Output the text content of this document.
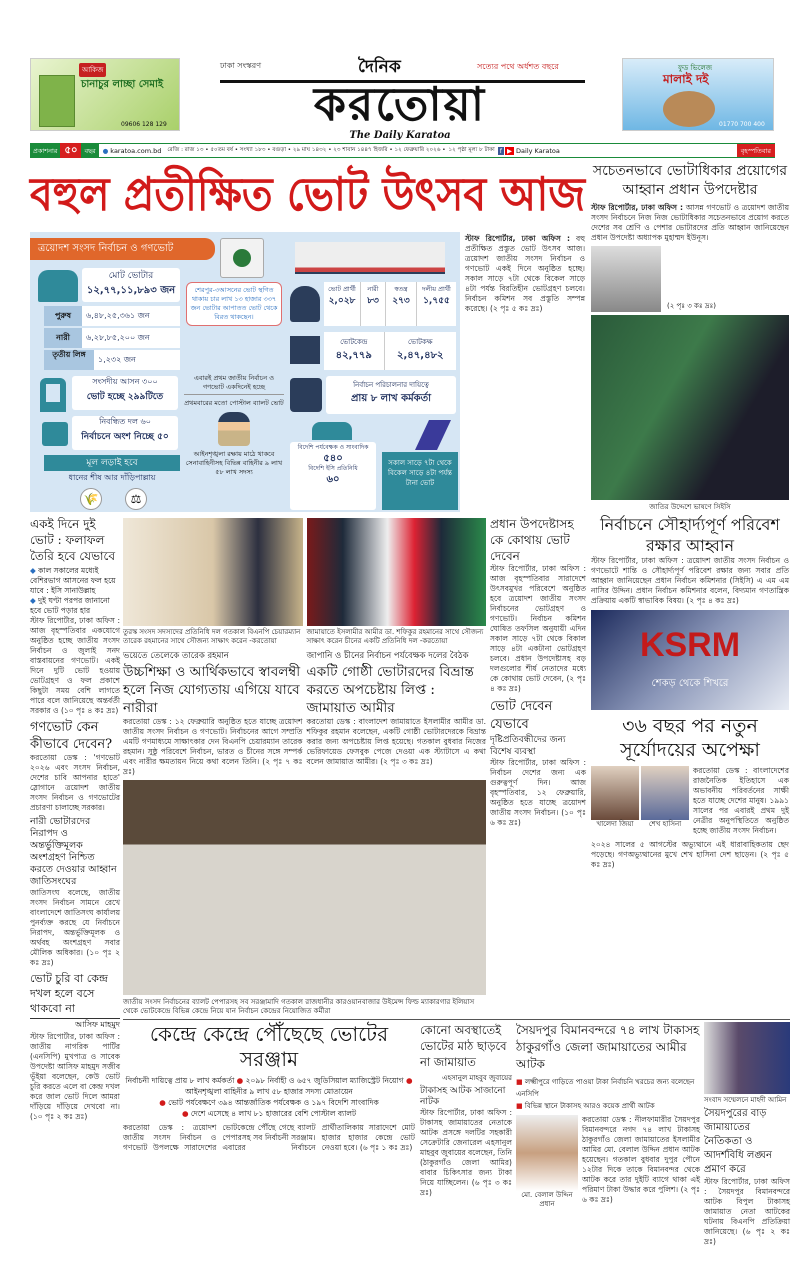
আকিজ
চানাচুর লাচ্ছা সেমাই
09606 128 129
ঢাকা সংস্করণ	দৈনিক	সত্যের পথে অর্ধশত বছরে
করতোয়া
The Daily Karatoa
ফুড ভিলেজ
মালাই দই
01770 700 400
প্রকাশনার ৫০	বছর	● karatoa.com.bd রেজি : রাজ ১৩ • ৫০তম বর্ষ • সংখ্যা ১৮৩ • বগুড়া • ২৯ মাঘ ১৪৩২ • ২৩ শাবান ১৪৪৭ হিজরি • ১২ ফেব্রুয়ারি ২০২৬ • ১২ পৃষ্ঠা মূল্য ৮ টাকা f ▶ Daily Karatoa	বৃহস্পতিবার
বহুল প্রতীক্ষিত ভোট উৎসব আজ
ত্রয়োদশ সংসদ নির্বাচন ও গণভোট
মোট ভোটার
১২,৭৭,১১,৮৯৩ জন
পুরুষ	৬,৪৮,২৫,৩৬১ জন
নারী	৬,২৮,৮৫,২০০ জন
তৃতীয় লিঙ্গ
১,২৩২ জন
সংসদীয় আসন ৩০০
ভোট হচ্ছে ২৯৯টিতে
নিবন্ধিত দল ৬০
নির্বাচনে অংশ নিচ্ছে ৫০
মূল লড়াই হবে
ধানের শীষ আর দাঁড়িপাল্লায়
🌾	⚖
শেরপুর-৩আসনের ভোট স্থগিত থাকায় চার লাখ ১৩ হাজার ৩৩৭ জন ভোটার আপাতত ভোট থেকে বিরত থাকছেন।
এবারই প্রথম জাতীয় নির্বাচন ও গণভোট একদিনেই হচ্ছে
প্রথমবারের মতো পোস্টাল ব্যালট ভোট
আইনশৃঙ্খলা রক্ষায় মাঠে থাকবে সেনাবাহিনীসহ বিভিন্ন বাহিনীর ৯ লাখ ৫৮ লাখ সদস্য
ভোট প্রার্থী
২,০২৮
নারী
৮৩
স্বতন্ত্র
২৭৩
দলীয় প্রার্থী
১,৭৫৫
ভোটকেন্দ্র
৪২,৭৭৯
ভোটকক্ষ
২,৪৭,৪৮২
নির্বাচন পরিচালনার দায়িত্বে
প্রায় ৮ লাখ কর্মকর্তা
বিদেশি পর্যবেক্ষক ও সাংবাদিক
৫৪০
বিদেশি ইসি প্রতিনিধি
৬০
সকাল সাড়ে ৭টা থেকে বিকেল সাড়ে ৪টা পর্যন্ত টানা ভোট
স্টাফ রিপোর্টার, ঢাকা অফিস : বহু প্রতীক্ষিত প্রস্তুত ভোট উৎসব আজ। ত্রয়োদশ জাতীয় সংসদ নির্বাচন ও গণভোট একই দিনে অনুষ্ঠিত হচ্ছে। সকাল সাড়ে ৭টা থেকে বিকেল সাড়ে ৪টা পর্যন্ত বিরতিহীন ভোটগ্রহণ চলবে। নির্বাচন কমিশন সব প্রস্তুতি সম্পন্ন করেছে। (২ পৃঃ ৫ কঃ দ্রঃ)
সচেতনভাবে ভোটাধিকার প্রয়োগের আহ্বান প্রধান উপদেষ্টার
স্টাফ রিপোর্টার, ঢাকা অফিস : আসন্ন গণভোট ও ত্রয়োদশ জাতীয় সংসদ নির্বাচনে নিজ নিজ ভোটাধিকার সচেতনভাবে প্রয়োগ করতে দেশের সব শ্রেণি ও পেশার ভোটারদের প্রতি আহ্বান জানিয়েছেন প্রধান উপদেষ্টা অধ্যাপক মুহাম্মদ ইউনূস।
(২ পৃঃ ৩ কঃ দ্রঃ)
জাতির উদ্দেশে ভাষণে সিইসি
একই দিনে দুই ভোট : ফলাফল তৈরি হবে যেভাবে
◆ কাল সকালের মধ্যেই বেশিরভাগ আসনের ফল হয়ে যাবে : ইসি সানাউল্লাহ
◆ দুই ঘণ্টা পরপর জানানো হবে ভোট পড়ার হার
স্টাফ রিপোর্টার, ঢাকা অফিস : আজ বৃহস্পতিবার একযোগে অনুষ্ঠিত হচ্ছে জাতীয় সংসদ নির্বাচন ও জুলাই সনদ বাস্তবায়নের গণভোট। একই দিনে দুটি ভোট হওয়ায় ভোটগ্রহণ ও ফল প্রকাশে কিছুটা সময় বেশি লাগতে পারে বলে জানিয়েছে অন্তর্বর্তী সরকার ও (১০ পৃঃ ৪ কঃ দ্রঃ)
গণভোট কেন কীভাবে দেবেন?
করতোয়া ডেস্ক : 'গণভোট ২০২৬ এবং সংসদ নির্বাচন, দেশের চাবি আপনার হাতে' স্লোগানে ত্রয়োদশ জাতীয় সংসদ নির্বাচন ও গণভোটের প্রচারণা চালাচ্ছে সরকার।
নারী ভোটারদের নিরাপদ ও অন্তর্ভুক্তিমূলক অংশগ্রহণ নিশ্চিত করতে দেওয়ার আহ্বান জাতিসংঘের
জাতিসংঘ বলেছে, জাতীয় সংসদ নির্বাচন সামনে রেখে বাংলাদেশে জাতিসংঘ কার্যালয় পুনর্ব্যক্ত করছে যে নির্বাচনে নিরাপদ, অন্তর্ভুক্তিমূলক ও অর্থবহ অংশগ্রহণ সবার মৌলিক অধিকার। (১০ পৃঃ ২ কঃ দ্রঃ)
ভোট চুরি বা কেন্দ্র দখল হলে বসে থাকবো না
আসিফ মাহমুদ
স্টাফ রিপোর্টার, ঢাকা অফিস : জাতীয় নাগরিক পার্টির (এনসিপি) মুখপাত্র ও সাবেক উপদেষ্টা আসিফ মাহমুদ সজীব ভূঁইয়া বলেছেন, কেউ ভোট চুরি করতে এলে বা কেন্দ্র দখল করে জাল ভোট দিলে আমরা দাঁড়িয়ে দাঁড়িয়ে দেখবো না। (১০ পৃঃ ২ কঃ দ্রঃ)
তুরস্ক সংসদ সদস্যদের প্রতিনিধি দল গতকাল বিএনপি চেয়ারম্যান তারেক রহমানের সাথে সৌজন্য সাক্ষাৎ করেন -করতোয়া
জামায়াতে ইসলামীর আমীর ডা. শফিকুর রহমানের সাথে সৌজন্য সাক্ষাৎ করেন চীনের একটি প্রতিনিধি দল -করতোয়া
ভয়েতে তেলেকে তারেক রহমান
উচ্চশিক্ষা ও আর্থিকভাবে স্বাবলম্বী হলে নিজ যোগ্যতায় এগিয়ে যাবে নারীরা
করতোয়া ডেস্ক : ১২ ফেব্রুয়ারি অনুষ্ঠিত হতে যাচ্ছে ত্রয়োদশ জাতীয় সংসদ নির্বাচন ও গণভোট। নির্বাচনের আগে সম্প্রতি এমটি গণমাধ্যমে সাক্ষাৎকার দেন বিএনপি চেয়ারম্যান তারেক রহমান। সুষ্ঠু পরিবেশে নির্বাচন, ভারত ও চীনের সঙ্গে সম্পর্ক এবং নারীর ক্ষমতায়ন নিয়ে কথা বলেন তিনি। (২ পৃঃ ৭ কঃ দ্রঃ)
জাপানি ও চীনের নির্বাচন পর্যবেক্ষক দলের বৈঠক
একটি গোষ্ঠী ভোটারদের বিভ্রান্ত করতে অপচেষ্টায় লিপ্ত : জামায়াত আমীর
করতোয়া ডেস্ক : বাংলাদেশ জামায়াতে ইসলামীর আমীর ডা. শফিকুর রহমান বলেছেন, একটি গোষ্ঠী ভোটারদেরকে বিভ্রান্ত করার জন্য অপচেষ্টায় লিপ্ত হয়েছে। গতকাল বুধবার নিজের ভেরিফায়েড ফেসবুক পেজে দেওয়া এক স্ট্যাটাসে এ কথা বলেন জামায়াত আমীর। (২ পৃঃ ৩ কঃ দ্রঃ)
জাতীয় সংসদ নির্বাচনের ব্যালট পেপারসহ সব সরঞ্জামাদি গতকাল রাজধানীর কারওয়ানবাজার উইমেন্স ফিল্ড ম্যাকারগার ইলিয়াস থেকে ভোটকেন্দ্রে বিভিন্ন কেন্দ্রে নিয়ে যান নির্বাচন কেন্দ্রের নিয়োজিত কর্মীরা
প্রধান উপদেষ্টাসহ কে কোথায় ভোট দেবেন
স্টাফ রিপোর্টার, ঢাকা অফিস : আজ বৃহস্পতিবার সারাদেশে উৎসবমুখর পরিবেশে অনুষ্ঠিত হবে ত্রয়োদশ জাতীয় সংসদ নির্বাচনের ভোটগ্রহণ ও গণভোট। নির্বাচন কমিশন ঘোষিত তফসিল অনুযায়ী এদিন সকাল সাড়ে ৭টা থেকে বিকাল সাড়ে ৪টা একটানা ভোটগ্রহণ চলবে। প্রধান উপদেষ্টাসহ বড় দলগুলোর শীর্ষ নেতাদের মধ্যে কে কোথায় ভোট দেবেন, (২ পৃঃ ৪ কঃ দ্রঃ)
ভোট দেবেন যেভাবে
দৃষ্টিপ্রতিবন্ধীদের জন্য বিশেষ ব্যবস্থা
স্টাফ রিপোর্টার, ঢাকা অফিস : নির্বাচন দেশের জন্য এক গুরুত্বপূর্ণ দিন। আজ বৃহস্পতিবার, ১২ ফেব্রুয়ারি, অনুষ্ঠিত হতে যাচ্ছে ত্রয়োদশ জাতীয় সংসদ নির্বাচন। (১০ পৃঃ ৬ কঃ দ্রঃ)
নির্বাচনে সৌহার্দ্যপূর্ণ পরিবেশ রক্ষার আহ্বান
স্টাফ রিপোর্টার, ঢাকা অফিস : ত্রয়োদশ জাতীয় সংসদ নির্বাচন ও গণভোটে শান্তি ও সৌহার্দ্যপূর্ণ পরিবেশ রক্ষার জন্য সবার প্রতি আহ্বান জানিয়েছেন প্রধান নির্বাচন কমিশনার (সিইসি) এ এম এম নাসির উদ্দিন। প্রধান নির্বাচন কমিশনার বলেন, বিদ্যমান গণতান্ত্রিক প্রক্রিয়ায় একটি স্বাভাবিক বিষয়। (২ পৃঃ ৪ কঃ দ্রঃ)
KSRM
শেকড় থেকে শিখরে
৩৬ বছর পর নতুন সূর্যোদয়ের অপেক্ষা
খালেদা জিয়া	শেখ হাসিনা
করতোয়া ডেস্ক : বাংলাদেশের রাজনৈতিক ইতিহাসে এক অভাবনীয় পরিবর্তনের সাক্ষী হতে যাচ্ছে দেশের মানুষ। ১৯৯১ সালের পর এবারই প্রথম দুই নেত্রীর অনুপস্থিতিতে অনুষ্ঠিত হচ্ছে জাতীয় সংসদ নির্বাচন।
২০২৪ সালের ৫ আগস্টের অভ্যুত্থানে এই ধারাবাহিকতায় ছেদ পড়েছে। গণঅভ্যুত্থানের মুখে শেখ হাসিনা দেশ ছাড়েন। (২ পৃঃ ৫ কঃ দ্রঃ)
কেন্দ্রে কেন্দ্রে পৌঁছেছে ভোটের সরঞ্জাম
নির্বাচনী দায়িত্বে প্রায় ৮ লাখ কর্মকর্তা ● ২০৯৮ নির্বাহী ও ৬৫৭ জুডিসিয়াল ম্যাজিস্ট্রেট নিয়োগ ● আইনশৃঙ্খলা বাহিনীর ৯ লাখ ৫৮ হাজার সদস্য মোতায়েন
● ভোট পর্যবেক্ষণে ৩৯৪ আন্তর্জাতিক পর্যবেক্ষক ও ১৯৭ বিদেশি সাংবাদিক
● দেশে এসেছে ৪ লাখ ৮১ হাজারের বেশি পোস্টাল ব্যালট
করতোয়া ডেস্ক : ত্রয়োদশ জাতীয় সংসদ নির্বাচন ও গণভোট উপলক্ষে সারাদেশের ভোটকেন্দ্রে পৌঁছে গেছে ব্যালট পেপারসহ সব নির্বাচনী সরঞ্জাম। এবারের নির্বাচনে প্রার্থীতালিকায় সারাদেশে মোট হাজার হাজার কেন্দ্রে ভোট নেওয়া হবে। (৬ পৃঃ ১ কঃ দ্রঃ)
কোনো অবস্থাতেই ভোটের মাঠ ছাড়বে না জামায়াত
এহসানুল মাহবুব জুবায়ের
টাকাসহ আটক সাজানো নাটক
স্টাফ রিপোর্টার, ঢাকা অফিস : টাকাসহ জামায়াতের নেতাকে আটক প্রসঙ্গে দলটির সহকারী সেক্রেটারি জেনারেল এহসানুল মাহবুব জুবায়ের বলেছেন, তিনি (ঠাকুরগাঁও জেলা আমির) বাবার চিকিৎসার জন্য টাকা নিয়ে যাচ্ছিলেন। (৬ পৃঃ ৩ কঃ দ্রঃ)
সৈয়দপুর বিমানবন্দরে ৭৪ লাখ টাকাসহ ঠাকুরগাঁও জেলা জামায়াতের আমীর আটক
■ লক্ষ্মীপুরে গাড়িতে পাওয়া টাকা নির্বাচনি খরচের জন্য বলেছেন এনসিপি
■ বিভিন্ন স্থানে টাকাসহ আরও কয়েক প্রার্থী আটক
মো. বেলাল উদ্দিন প্রধান
করতোয়া ডেস্ক : নীলফামারীর সৈয়দপুর বিমানবন্দরে নগদ ৭৪ লাখ টাকাসহ ঠাকুরগাঁও জেলা জামায়াতের ইসলামীর আমির মো. বেলাল উদ্দিন প্রধান আটক হয়েছেন। গতকাল বুধবার দুপুর পৌনে ১২টার দিকে তাকে বিমানবন্দর থেকে আটক করে তার দুইটি ব্যাগে থাকা এই পরিমাণ টাকা উদ্ধার করে পুলিশ। (২ পৃঃ ৬ কঃ দ্রঃ)
সংবাদ সম্মেলনে মাহদী আমিন
সৈয়দপুরের বাড় জামায়াতের নৈতিকতা ও আদর্শবিধি লঙ্ঘন প্রমাণ করে
স্টাফ রিপোর্টার, ঢাকা অফিস : সৈয়দপুর বিমানবন্দরে আটক বিপুল টাকাসহ জামায়াত নেতা আটকের ঘটনায় বিএনপি প্রতিক্রিয়া জানিয়েছে। (৬ পৃঃ ২ কঃ দ্রঃ)
